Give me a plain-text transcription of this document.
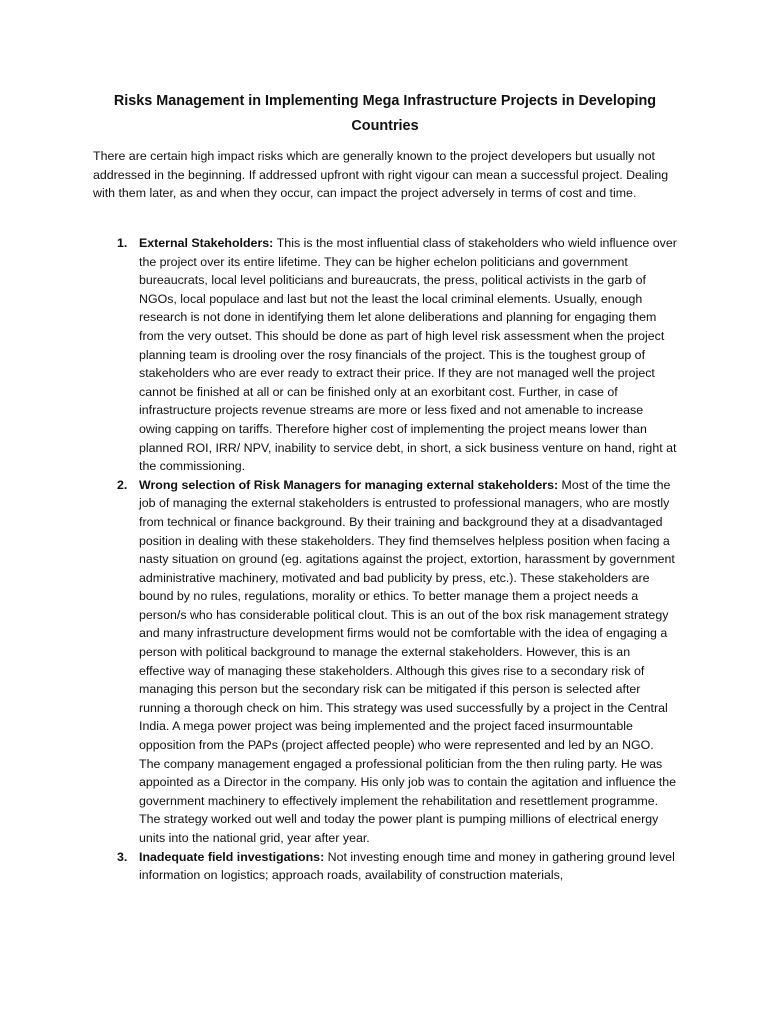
Risks Management in Implementing Mega Infrastructure Projects in Developing Countries
There are certain high impact risks which are generally known to the project developers but usually not addressed in the beginning. If addressed upfront with right vigour can mean a successful project. Dealing with them later, as and when they occur, can impact the project adversely in terms of cost and time.
1. External Stakeholders: This is the most influential class of stakeholders who wield influence over the project over its entire lifetime. They can be higher echelon politicians and government bureaucrats, local level politicians and bureaucrats, the press, political activists in the garb of NGOs, local populace and last but not the least the local criminal elements. Usually, enough research is not done in identifying them let alone deliberations and planning for engaging them from the very outset. This should be done as part of high level risk assessment when the project planning team is drooling over the rosy financials of the project. This is the toughest group of stakeholders who are ever ready to extract their price. If they are not managed well the project cannot be finished at all or can be finished only at an exorbitant cost. Further, in case of infrastructure projects revenue streams are more or less fixed and not amenable to increase owing capping on tariffs. Therefore higher cost of implementing the project means lower than planned ROI, IRR/ NPV, inability to service debt, in short, a sick business venture on hand, right at the commissioning.
2. Wrong selection of Risk Managers for managing external stakeholders: Most of the time the job of managing the external stakeholders is entrusted to professional managers, who are mostly from technical or finance background. By their training and background they at a disadvantaged position in dealing with these stakeholders. They find themselves helpless position when facing a nasty situation on ground (eg. agitations against the project, extortion, harassment by government administrative machinery, motivated and bad publicity by press, etc.). These stakeholders are bound by no rules, regulations, morality or ethics. To better manage them a project needs a person/s who has considerable political clout. This is an out of the box risk management strategy and many infrastructure development firms would not be comfortable with the idea of engaging a person with political background to manage the external stakeholders. However, this is an effective way of managing these stakeholders. Although this gives rise to a secondary risk of managing this person but the secondary risk can be mitigated if this person is selected after running a thorough check on him. This strategy was used successfully by a project in the Central India. A mega power project was being implemented and the project faced insurmountable opposition from the PAPs (project affected people) who were represented and led by an NGO. The company management engaged a professional politician from the then ruling party. He was appointed as a Director in the company. His only job was to contain the agitation and influence the government machinery to effectively implement the rehabilitation and resettlement programme. The strategy worked out well and today the power plant is pumping millions of electrical energy units into the national grid, year after year.
3. Inadequate field investigations: Not investing enough time and money in gathering ground level information on logistics; approach roads, availability of construction materials,
